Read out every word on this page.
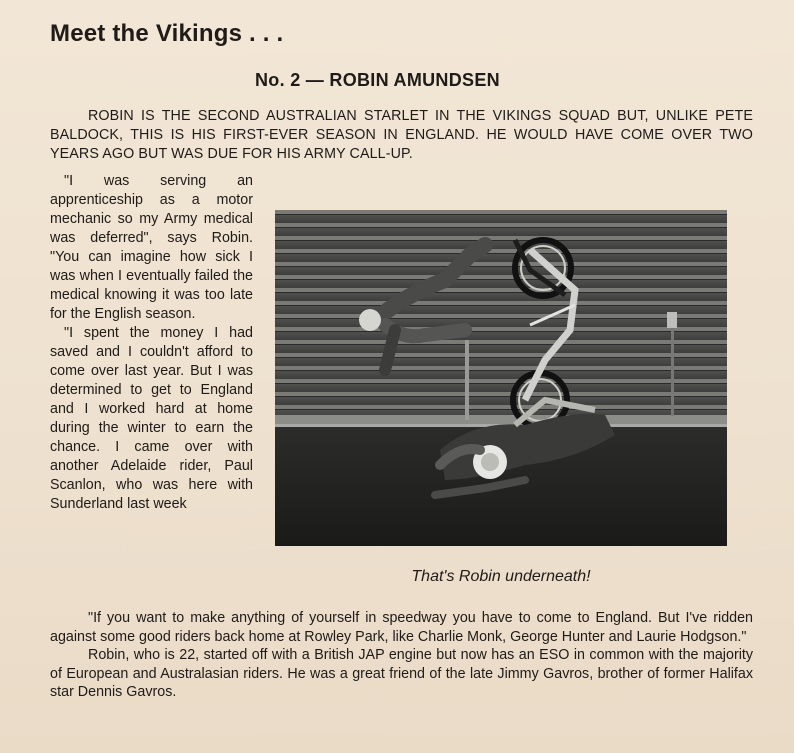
Meet the Vikings . . .
No. 2 — ROBIN AMUNDSEN

ROBIN IS THE SECOND AUSTRALIAN STARLET IN THE VIKINGS SQUAD BUT, UNLIKE PETE BALDOCK, THIS IS HIS FIRST-EVER SEASON IN ENGLAND. HE WOULD HAVE COME OVER TWO YEARS AGO BUT WAS DUE FOR HIS ARMY CALL-UP.

"I was serving an apprenticeship as a motor mechanic so my Army medical was deferred", says Robin. "You can imagine how sick I was when I eventually failed the medical knowing it was too late for the English season.

"I spent the money I had saved and I couldn't afford to come over last year. But I was determined to get to England and I worked hard at home during the winter to earn the chance. I came over with another Adelaide rider, Paul Scanlon, who was here with Sunderland last week

That's Robin underneath!

"If you want to make anything of yourself in speedway you have to come to England. But I've ridden against some good riders back home at Rowley Park, like Charlie Monk, George Hunter and Laurie Hodgson."

Robin, who is 22, started off with a British JAP engine but now has an ESO in common with the majority of European and Australasian riders. He was a great friend of the late Jimmy Gavros, brother of former Halifax star Dennis Gavros.
